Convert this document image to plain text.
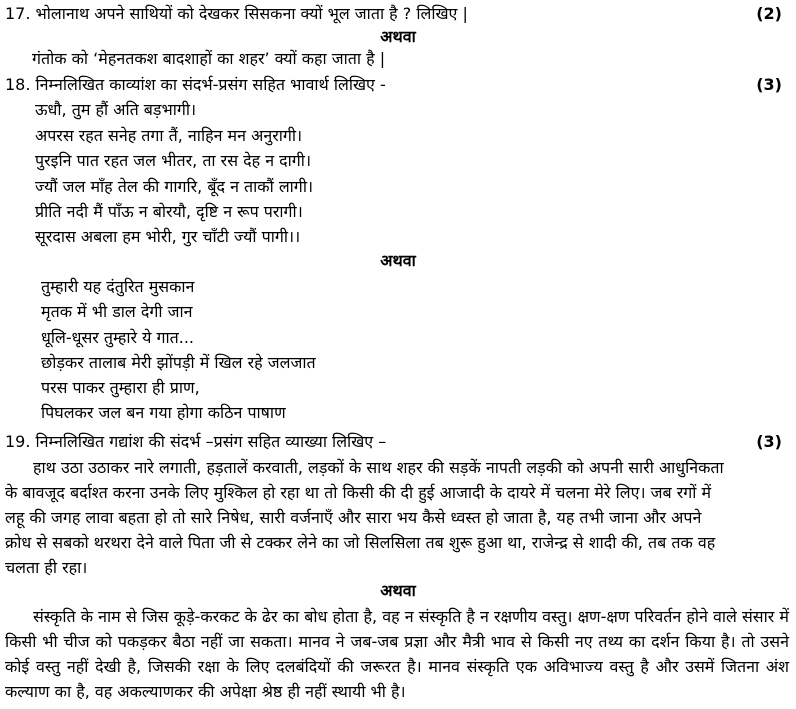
17. भोलानाथ अपने साथियों को देखकर सिसकना क्यों भूल जाता है ? लिखिए |	(2)
अथवा
गंतोक को ‘मेहनतकश बादशाहों का शहर’ क्यों कहा जाता है |
18. निम्नलिखित काव्यांश का संदर्भ-प्रसंग सहित भावार्थ लिखिए -	(3)
ऊधौ, तुम हौं अति बड़भागी।
अपरस रहत सनेह तगा तैं, नाहिन मन अनुरागी।
पुरइनि पात रहत जल भीतर, ता रस देह न दागी।
ज्यौं जल माँह तेल की गागरि, बूँद न ताकौं लागी।
प्रीति नदी मैं पाँऊ न बोरयौ, दृष्टि न रूप परागी।
सूरदास अबला हम भोरी, गुर चाँटी ज्यौं पागी।।
अथवा
तुम्हारी यह दंतुरित मुसकान
मृतक में भी डाल देगी जान
धूलि-धूसर तुम्हारे ये गात...
छोड़कर तालाब मेरी झोंपड़ी में खिल रहे जलजात
परस पाकर तुम्हारा ही प्राण,
पिघलकर जल बन गया होगा कठिन पाषाण
19. निम्नलिखित गद्यांश की संदर्भ –प्रसंग सहित व्याख्या लिखिए –	(3)
हाथ उठा उठाकर नारे लगाती, हड़तालें करवाती, लड़कों के साथ शहर की सड़कें नापती लड़की को अपनी सारी आधुनिकता के बावजूद बर्दाश्त करना उनके लिए मुश्किल हो रहा था तो किसी की दी हुई आजादी के दायरे में चलना मेरे लिए। जब रगों में लहू की जगह लावा बहता हो तो सारे निषेध, सारी वर्जनाएँ और सारा भय कैसे ध्वस्त हो जाता है, यह तभी जाना और अपने क्रोध से सबको थरथरा देने वाले पिता जी से टक्कर लेने का जो सिलसिला तब शुरू हुआ था, राजेन्द्र से शादी की, तब तक वह चलता ही रहा।
अथवा
संस्कृति के नाम से जिस कूड़े-करकट के ढेर का बोध होता है, वह न संस्कृति है न रक्षणीय वस्तु। क्षण-क्षण परिवर्तन होने वाले संसार में किसी भी चीज को पकड़कर बैठा नहीं जा सकता। मानव ने जब-जब प्रज्ञा और मैत्री भाव से किसी नए तथ्य का दर्शन किया है। तो उसने कोई वस्तु नहीं देखी है, जिसकी रक्षा के लिए दलबंदियों की जरूरत है। मानव संस्कृति एक अविभाज्य वस्तु है और उसमें जितना अंश कल्याण का है, वह अकल्याणकर की अपेक्षा श्रेष्ठ ही नहीं स्थायी भी है।
